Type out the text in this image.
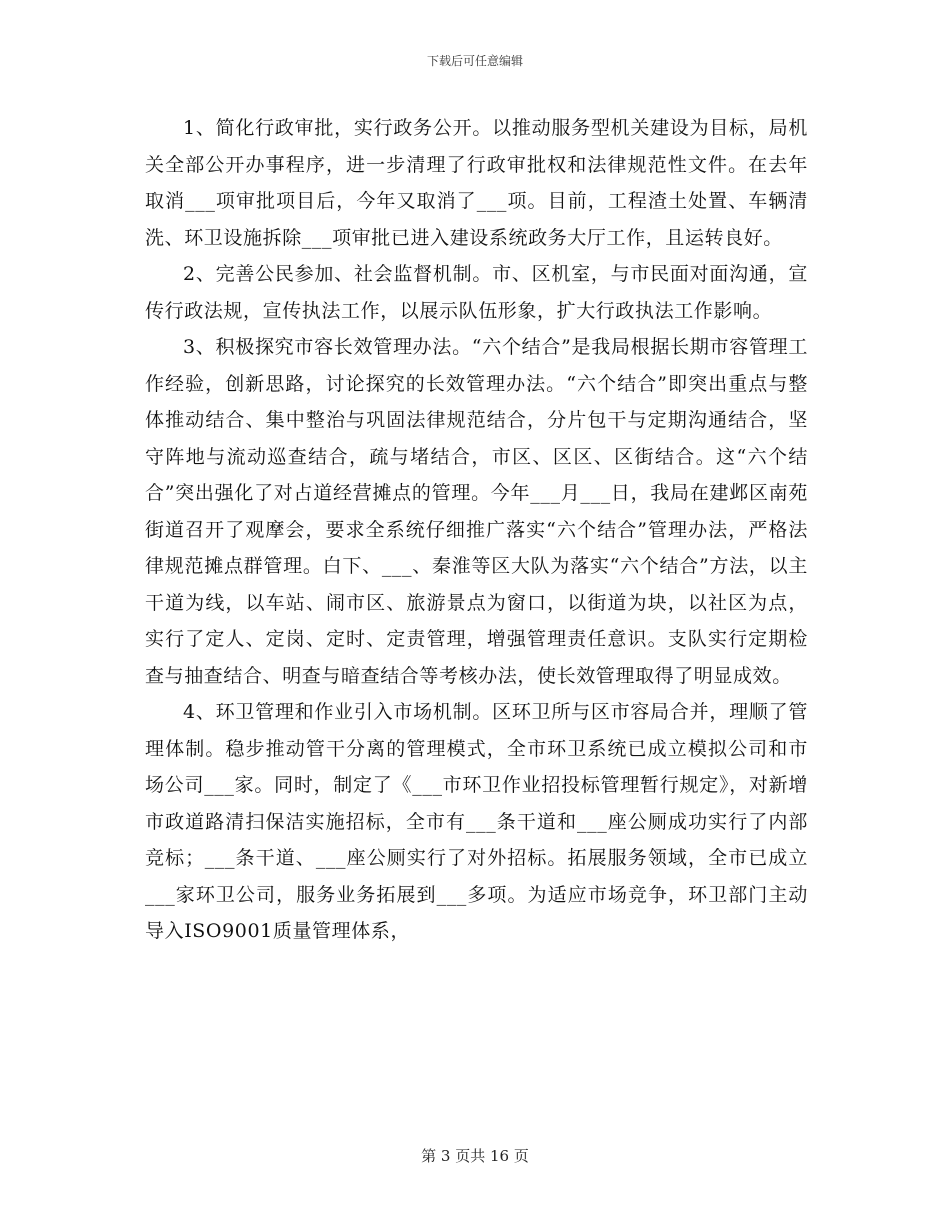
下载后可任意编辑

1、简化行政审批，实行政务公开。以推动服务型机关建设为目标，局机关全部公开办事程序，进一步清理了行政审批权和法律规范性文件。在去年取消___项审批项目后，今年又取消了___项。目前，工程渣土处置、车辆清洗、环卫设施拆除___项审批已进入建设系统政务大厅工作，且运转良好。

2、完善公民参加、社会监督机制。市、区机室，与市民面对面沟通，宣传行政法规，宣传执法工作，以展示队伍形象，扩大行政执法工作影响。

3、积极探究市容长效管理办法。“六个结合”是我局根据长期市容管理工作经验，创新思路，讨论探究的长效管理办法。“六个结合”即突出重点与整体推动结合、集中整治与巩固法律规范结合，分片包干与定期沟通结合，坚守阵地与流动巡查结合，疏与堵结合，市区、区区、区街结合。这“六个结合”突出强化了对占道经营摊点的管理。今年___月___日，我局在建邺区南苑街道召开了观摩会，要求全系统仔细推广落实“六个结合”管理办法，严格法律规范摊点群管理。白下、___、秦淮等区大队为落实“六个结合”方法，以主干道为线，以车站、闹市区、旅游景点为窗口，以街道为块，以社区为点，实行了定人、定岗、定时、定责管理，增强管理责任意识。支队实行定期检查与抽查结合、明查与暗查结合等考核办法，使长效管理取得了明显成效。

4、环卫管理和作业引入市场机制。区环卫所与区市容局合并，理顺了管理体制。稳步推动管干分离的管理模式，全市环卫系统已成立模拟公司和市场公司___家。同时，制定了《___市环卫作业招投标管理暂行规定》，对新增市政道路清扫保洁实施招标，全市有___条干道和___座公厕成功实行了内部竞标；___条干道、___座公厕实行了对外招标。拓展服务领域，全市已成立___家环卫公司，服务业务拓展到___多项。为适应市场竞争，环卫部门主动导入ISO9001质量管理体系，

第 3 页共 16 页
